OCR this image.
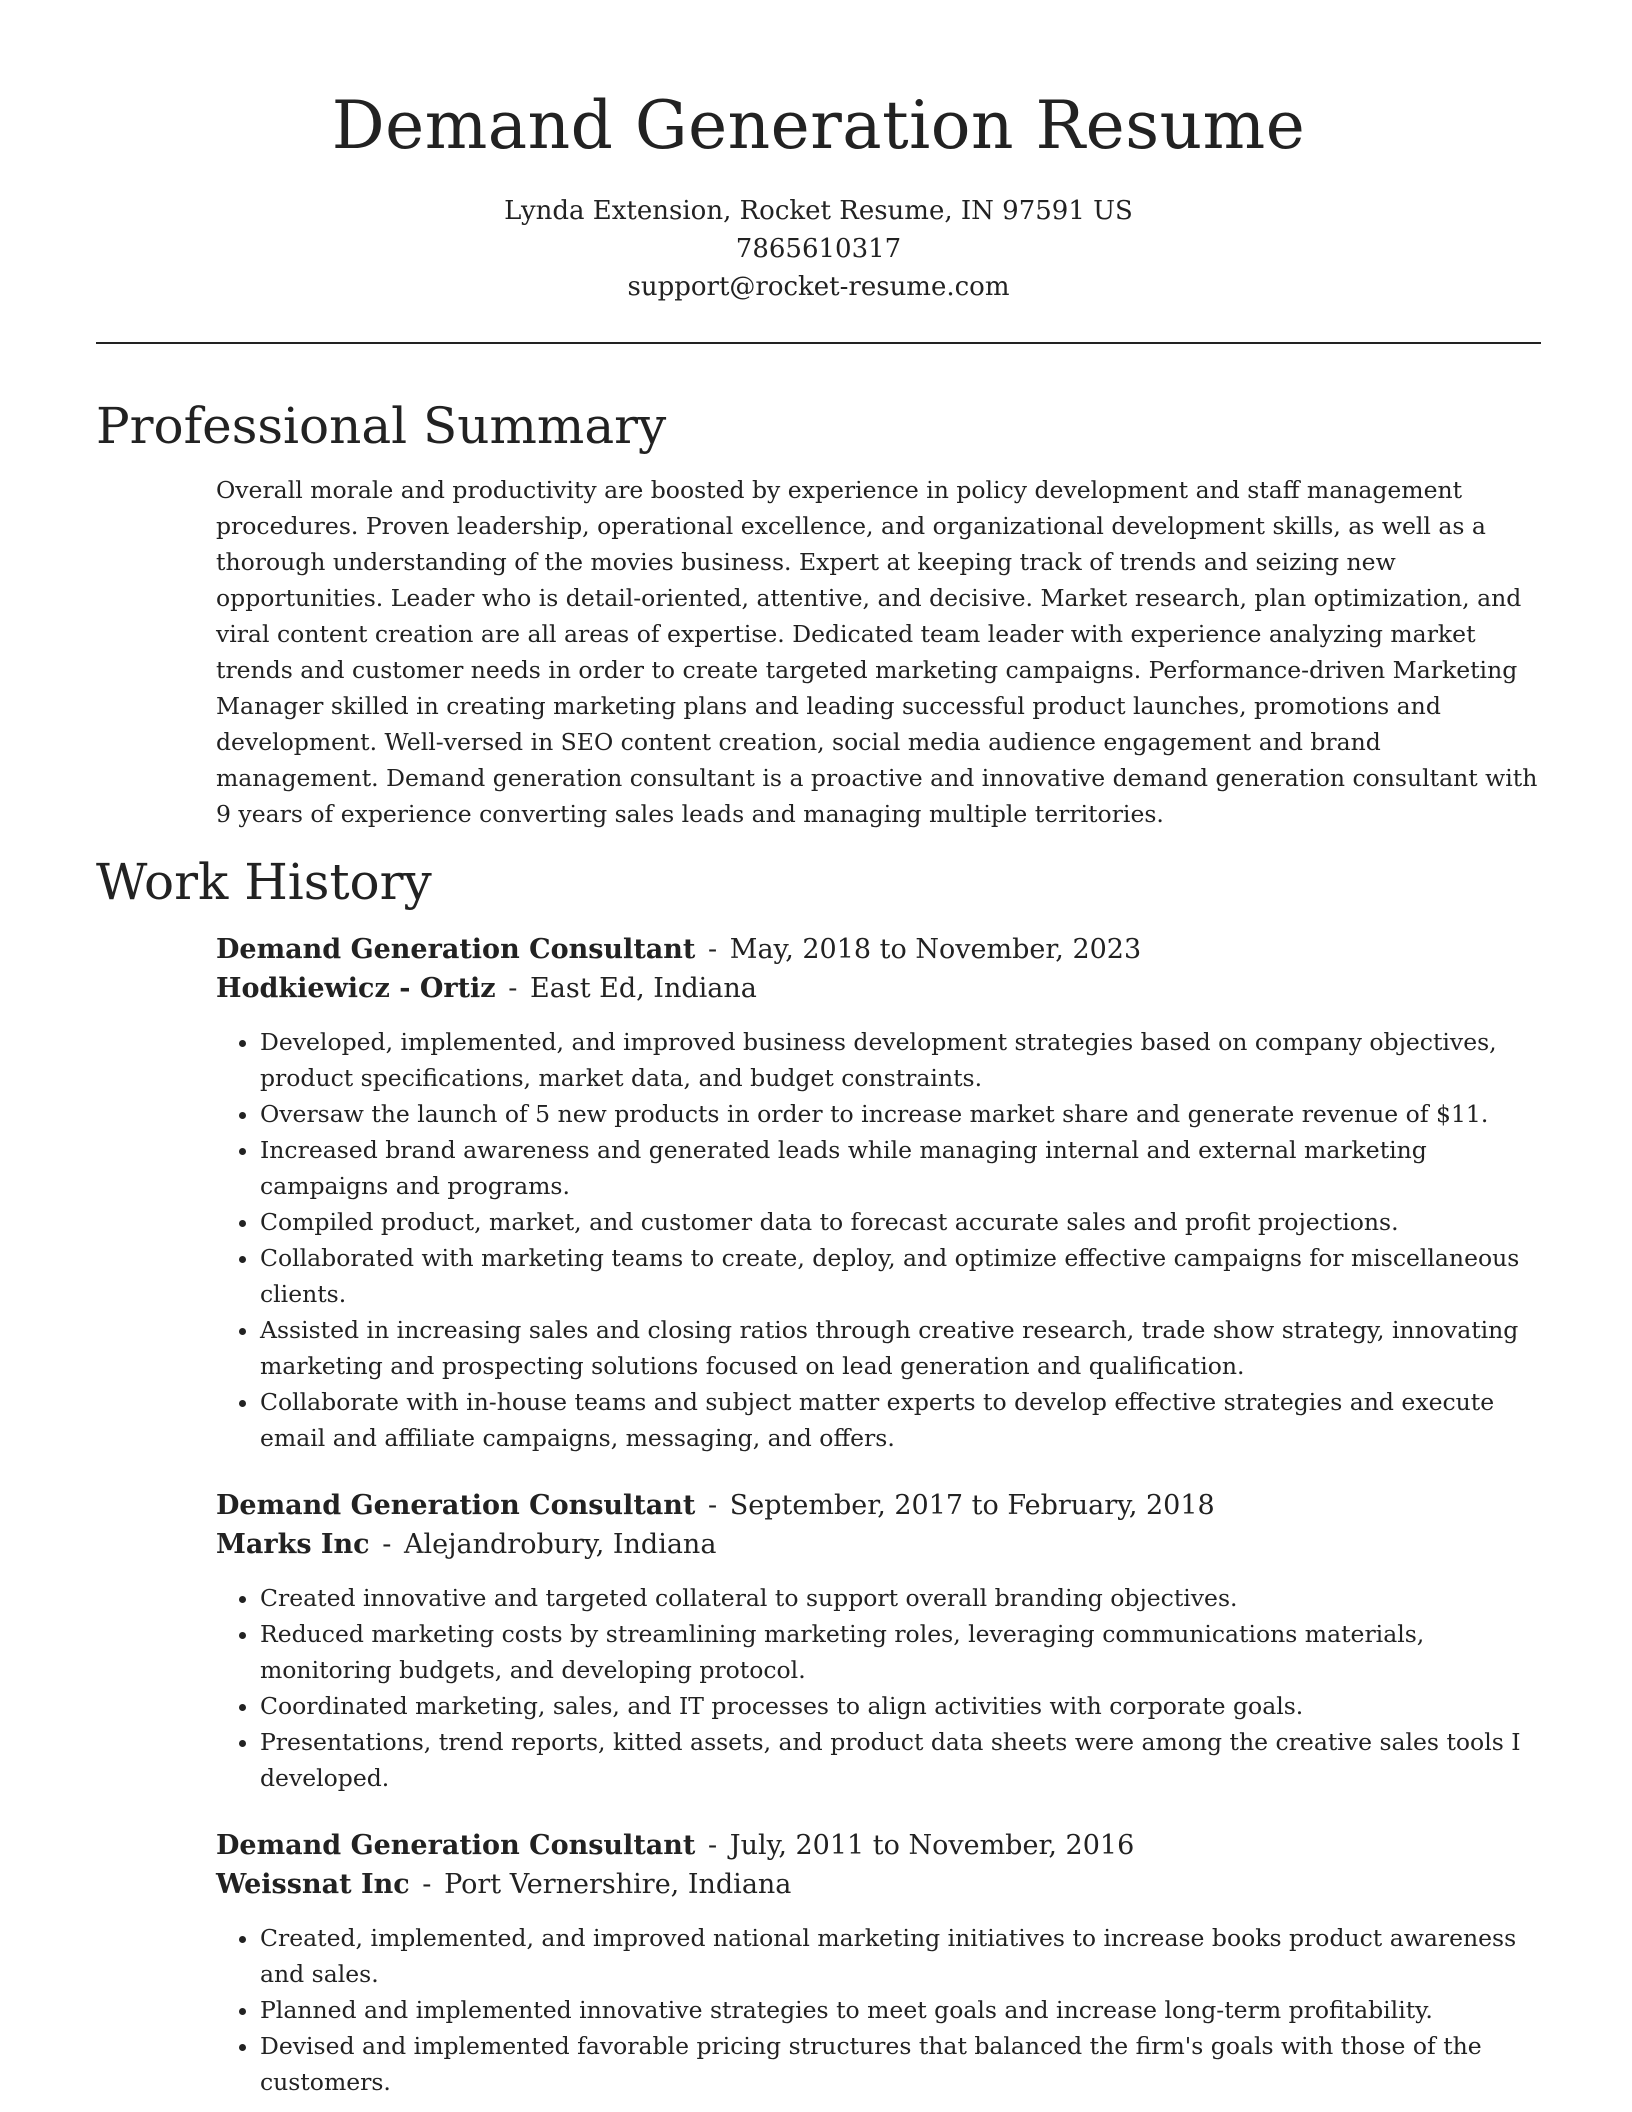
Demand Generation Resume
Lynda Extension, Rocket Resume, IN 97591 US
7865610317
support@rocket-resume.com
Professional Summary

Overall morale and productivity are boosted by experience in policy development and staff management procedures. Proven leadership, operational excellence, and organizational development skills, as well as a thorough understanding of the movies business. Expert at keeping track of trends and seizing new opportunities. Leader who is detail-oriented, attentive, and decisive. Market research, plan optimization, and viral content creation are all areas of expertise. Dedicated team leader with experience analyzing market trends and customer needs in order to create targeted marketing campaigns. Performance-driven Marketing Manager skilled in creating marketing plans and leading successful product launches, promotions and development. Well-versed in SEO content creation, social media audience engagement and brand management. Demand generation consultant is a proactive and innovative demand generation consultant with 9 years of experience converting sales leads and managing multiple territories.

Work History
Demand Generation Consultant - May, 2018 to November, 2023
Hodkiewicz - Ortiz - East Ed, Indiana
• Developed, implemented, and improved business development strategies based on company objectives, product specifications, market data, and budget constraints.
• Oversaw the launch of 5 new products in order to increase market share and generate revenue of $11.
• Increased brand awareness and generated leads while managing internal and external marketing campaigns and programs.
• Compiled product, market, and customer data to forecast accurate sales and profit projections.
• Collaborated with marketing teams to create, deploy, and optimize effective campaigns for miscellaneous clients.
• Assisted in increasing sales and closing ratios through creative research, trade show strategy, innovating marketing and prospecting solutions focused on lead generation and qualification.
• Collaborate with in-house teams and subject matter experts to develop effective strategies and execute email and affiliate campaigns, messaging, and offers.
Demand Generation Consultant - September, 2017 to February, 2018
Marks Inc - Alejandrobury, Indiana
• Created innovative and targeted collateral to support overall branding objectives.
• Reduced marketing costs by streamlining marketing roles, leveraging communications materials, monitoring budgets, and developing protocol.
• Coordinated marketing, sales, and IT processes to align activities with corporate goals.
• Presentations, trend reports, kitted assets, and product data sheets were among the creative sales tools I developed.
Demand Generation Consultant - July, 2011 to November, 2016
Weissnat Inc - Port Vernershire, Indiana
• Created, implemented, and improved national marketing initiatives to increase books product awareness and sales.
• Planned and implemented innovative strategies to meet goals and increase long-term profitability.
• Devised and implemented favorable pricing structures that balanced the firm's goals with those of the customers.
